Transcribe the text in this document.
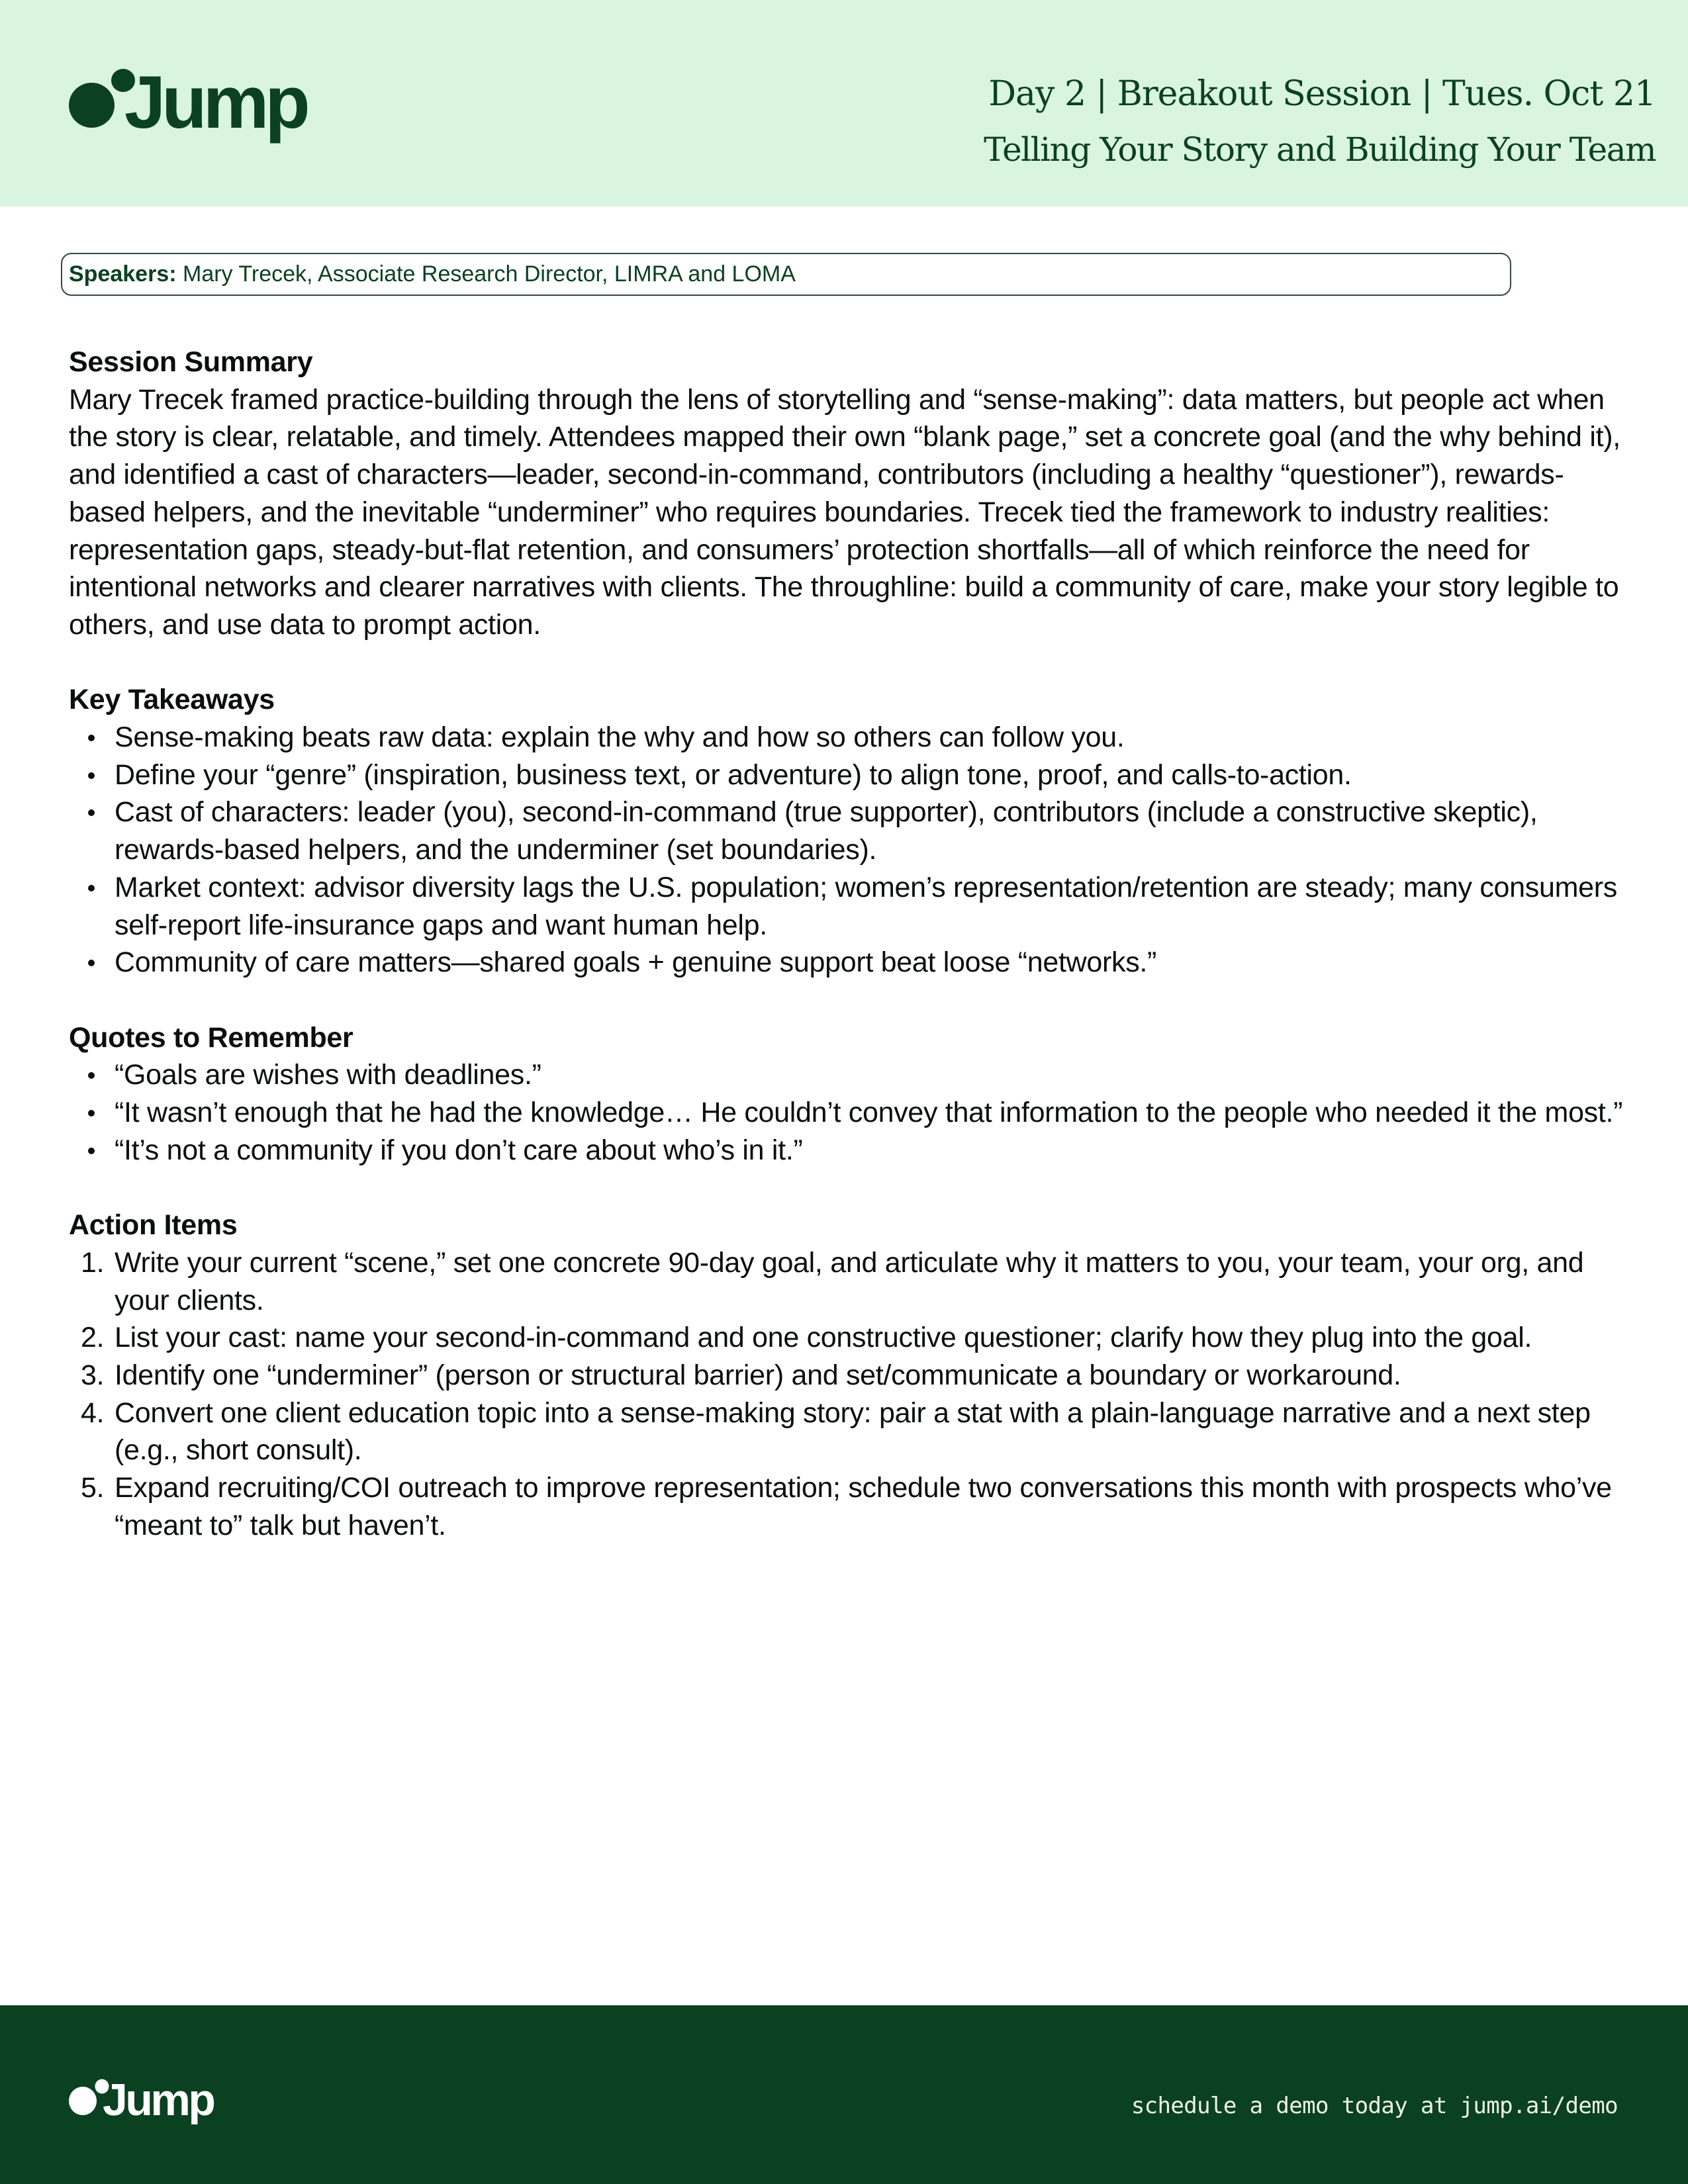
Jump	Day 2 | Breakout Session | Tues. Oct 21
Telling Your Story and Building Your Team
Speakers: Mary Trecek, Associate Research Director, LIMRA and LOMA
Session Summary

Mary Trecek framed practice-building through the lens of storytelling and “sense-making”: data matters, but people act when the story is clear, relatable, and timely. Attendees mapped their own “blank page,” set a concrete goal (and the why behind it), and identified a cast of characters—leader, second-in-command, contributors (including a healthy “questioner”), rewards-based helpers, and the inevitable “underminer” who requires boundaries. Trecek tied the framework to industry realities: representation gaps, steady-but-flat retention, and consumers’ protection shortfalls—all of which reinforce the need for intentional networks and clearer narratives with clients. The throughline: build a community of care, make your story legible to others, and use data to prompt action.

Key Takeaways
Sense-making beats raw data: explain the why and how so others can follow you.
Define your “genre” (inspiration, business text, or adventure) to align tone, proof, and calls-to-action.
Cast of characters: leader (you), second-in-command (true supporter), contributors (include a constructive skeptic), rewards-based helpers, and the underminer (set boundaries).
Market context: advisor diversity lags the U.S. population; women’s representation/retention are steady; many consumers self-report life-insurance gaps and want human help.
Community of care matters—shared goals + genuine support beat loose “networks.”
Quotes to Remember
“Goals are wishes with deadlines.”
“It wasn’t enough that he had the knowledge… He couldn’t convey that information to the people who needed it the most.”
“It’s not a community if you don’t care about who’s in it.”
Action Items
1. Write your current “scene,” set one concrete 90-day goal, and articulate why it matters to you, your team, your org, and your clients.
2. List your cast: name your second-in-command and one constructive questioner; clarify how they plug into the goal.
3. Identify one “underminer” (person or structural barrier) and set/communicate a boundary or workaround.
4. Convert one client education topic into a sense-making story: pair a stat with a plain-language narrative and a next step (e.g., short consult).
5. Expand recruiting/COI outreach to improve representation; schedule two conversations this month with prospects who’ve “meant to” talk but haven’t.
Jump	schedule a demo today at jump.ai/demo
